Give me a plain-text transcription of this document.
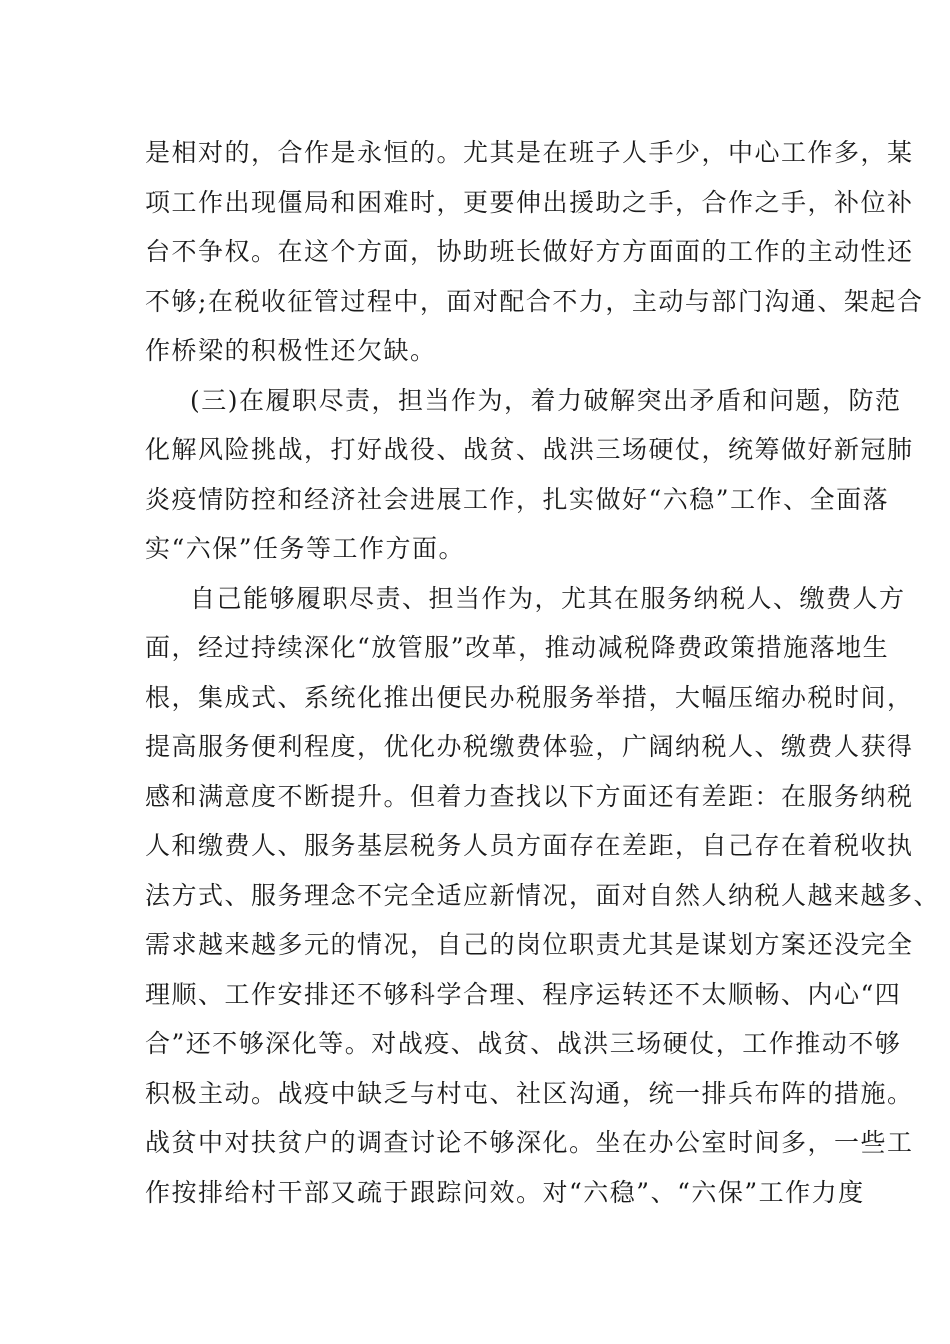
是相对的，合作是永恒的。尤其是在班子人手少，中心工作多，某
项工作出现僵局和困难时，更要伸出援助之手，合作之手，补位补
台不争权。在这个方面，协助班长做好方方面面的工作的主动性还
不够;在税收征管过程中，面对配合不力，主动与部门沟通、架起合
作桥梁的积极性还欠缺。
(三)在履职尽责，担当作为，着力破解突出矛盾和问题，防范
化解风险挑战，打好战役、战贫、战洪三场硬仗，统筹做好新冠肺
炎疫情防控和经济社会进展工作，扎实做好“六稳”工作、全面落
实“六保”任务等工作方面。
自己能够履职尽责、担当作为，尤其在服务纳税人、缴费人方
面，经过持续深化“放管服”改革，推动减税降费政策措施落地生
根，集成式、系统化推出便民办税服务举措，大幅压缩办税时间，
提高服务便利程度，优化办税缴费体验，广阔纳税人、缴费人获得
感和满意度不断提升。但着力查找以下方面还有差距：在服务纳税
人和缴费人、服务基层税务人员方面存在差距，自己存在着税收执
法方式、服务理念不完全适应新情况，面对自然人纳税人越来越多、
需求越来越多元的情况，自己的岗位职责尤其是谋划方案还没完全
理顺、工作安排还不够科学合理、程序运转还不太顺畅、内心“四
合”还不够深化等。对战疫、战贫、战洪三场硬仗，工作推动不够
积极主动。战疫中缺乏与村屯、社区沟通，统一排兵布阵的措施。
战贫中对扶贫户的调查讨论不够深化。坐在办公室时间多，一些工
作按排给村干部又疏于跟踪问效。对“六稳”、“六保”工作力度
